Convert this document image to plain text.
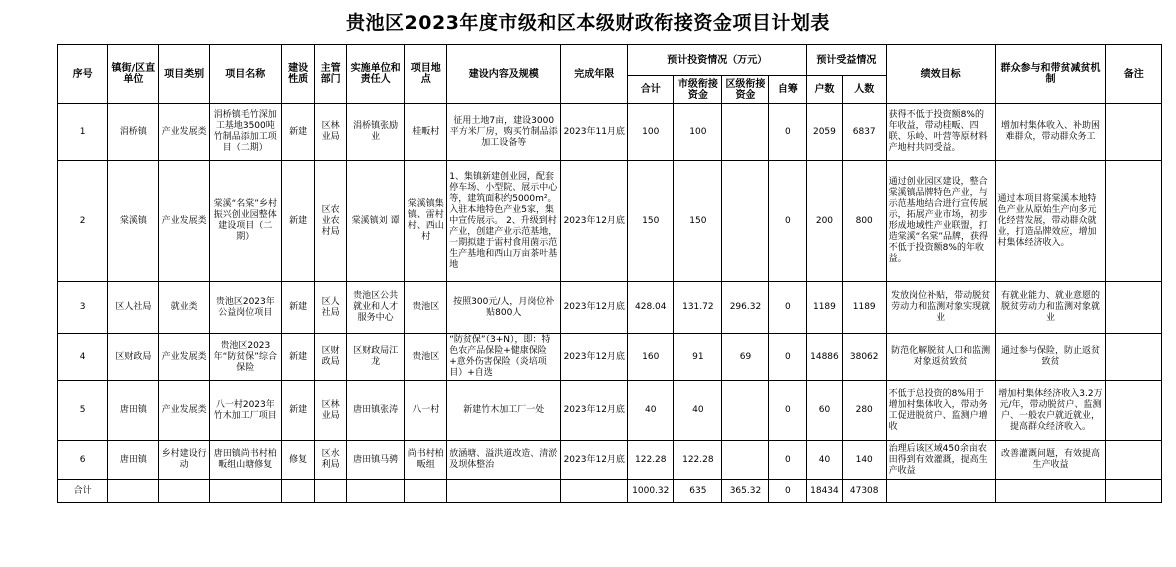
贵池区2023年度市级和区本级财政衔接资金项目计划表
序号	镇街/区直单位	项目类别	项目名称	建设性质	主管部门	实施单位和责任人	项目地点	建设内容及规模	完成年限	预计投资情况（万元）				预计受益情况		绩效目标	群众参与和带贫减贫机制	备注
										合计	市级衔接资金	区级衔接资金	自筹	户数	人数			
1	涓桥镇	产业发展类	涓桥镇毛竹深加工基地3500吨竹制品添加工项目（二期）	新建	区林业局	涓桥镇张励业	桂畈村	征用土地7亩，建设3000平方米厂房，购买竹制品添加工设备等	2023年11月底	100	100		0	2059	6837	获得不低于投资额8%的年收益，带动桂畈、四联、乐岭、叶营等原材料产地村共同受益。	增加村集体收入、补助困难群众，带动群众务工	
2	棠溪镇	产业发展类	棠溪“名棠”乡村振兴创业园整体建设项目（二期）	新建	区农业农村局	棠溪镇刘 谭	棠溪镇集镇、雷村村、西山村	1、集镇新建创业园，配套停车场、小型院、展示中心等，建筑面积约5000m²。入驻本地特色产业5家，集中宣传展示。 2、升级到村产业，创建产业示范基地，一期拟建于雷村食用菌示范生产基地和西山万亩茶叶基地	2023年12月底	150	150		0	200	800	通过创业园区建设，整合棠溪镇品牌特色产业，与示范基地结合进行宣传展示，拓展产业市场，初步形成地域性产业联盟，打造棠溪“名棠”品牌，获得不低于投资额8%的年收益。	通过本项目将棠溪本地特色产业从原始生产向多元化经营发展，带动群众就业，打造品牌效应，增加村集体经济收入。	
3	区人社局	就业类	贵池区2023年公益岗位项目	新建	区人社局	贵池区公共就业和人才服务中心	贵池区	按照300元/人，月岗位补贴800人	2023年12月底	428.04	131.72	296.32	0	1189	1189	发放岗位补贴，带动脱贫劳动力和监测对象实现就业	有就业能力、就业意愿的脱贫劳动力和监测对象就业	
4	区财政局	产业发展类	贵池区2023年“防贫保”综合保险	新建	区财政局	区财政局江龙	贵池区	“防贫保”（3+N），即：特色农产品保险+健康保险+意外伤害保险（炎培项目）+自选	2023年12月底	160	91	69	0	14886	38062	防范化解脱贫人口和监测对象返贫致贫	通过参与保险，防止返贫致贫	
5	唐田镇	产业发展类	八一村2023年竹木加工厂项目	新建	区林业局	唐田镇张涛	八一村	新建竹木加工厂一处	2023年12月底	40	40		0	60	280	不低于总投资的8%用于增加村集体收入，带动务工促进脱贫户、监测户增收	增加村集体经济收入3.2万元/年，带动脱贫户、监测户、一般农户就近就业，提高群众经济收入。	
6	唐田镇	乡村建设行动	唐田镇尚书村柏畈组山塘修复	修复	区水利局	唐田镇马骋	尚书村柏畈组	放涵塘、溢洪道改造、清淤及坝体整治	2023年12月底	122.28	122.28		0	40	140	治理后该区域450余亩农田得到有效灌溉，提高生产收益	改善灌溉问题，有效提高生产收益	
合计										1000.32	635	365.32	0	18434	47308			
